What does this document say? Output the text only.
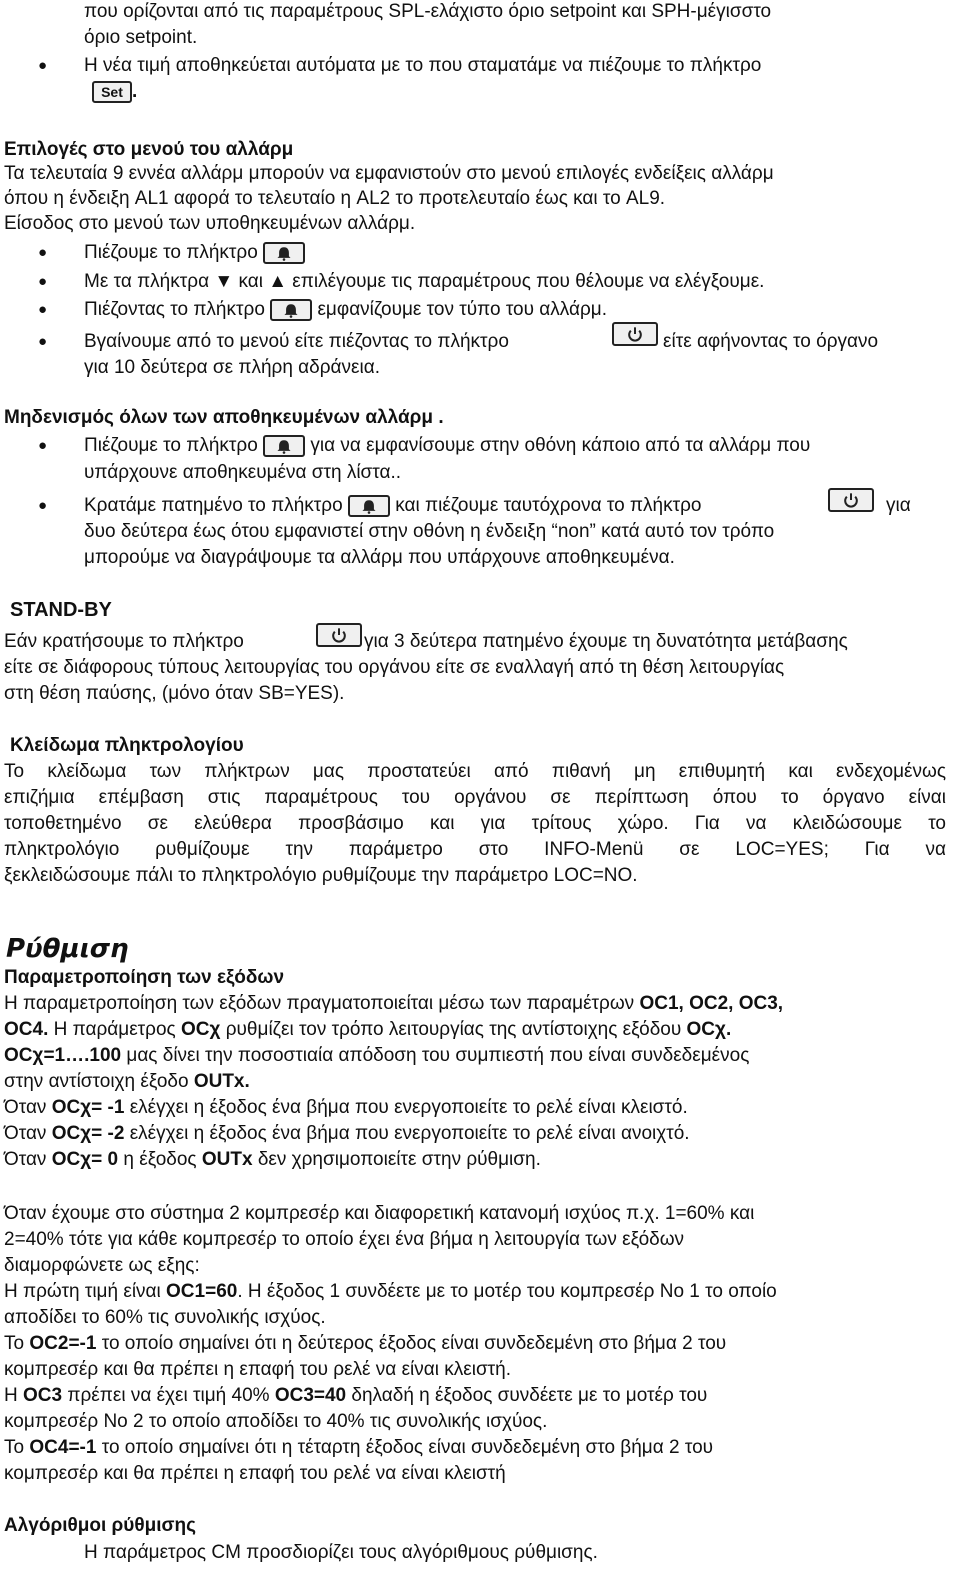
που ορίζονται από τις παραμέτρους SPL-ελάχιστο όριο setpoint και SPH-μέγισστο
όριο setpoint.
● Η νέα τιμή αποθηκεύεται αυτόματα με το που σταματάμε να πιέζουμε το πλήκτρο
Set .
Επιλογές στο μενού του αλλάρμ
Τα τελευταία 9 εννέα αλλάρμ μπορούν να εμφανιστούν στο μενού επιλογές ενδείξεις αλλάρμ
όπου η ένδειξη AL1 αφορά το τελευταίο η AL2 το προτελευταίο έως και το AL9.
Είσοδος στο μενού των υποθηκευμένων αλλάρμ.
● Πιέζουμε το πλήκτρο
● Με τα πλήκτρα ▼ και ▲ επιλέγουμε τις παραμέτρους που θέλουμε να ελέγξουμε.
● Πιέζοντας το πλήκτρο	εμφανίζουμε τον τύπο του αλλάρμ.
● Βγαίνουμε από το μενού είτε πιέζοντας το πλήκτρο	είτε αφήνοντας το όργανο
για 10 δεύτερα σε πλήρη αδράνεια.
Μηδενισμός όλων των αποθηκευμένων αλλάρμ .
● Πιέζουμε το πλήκτρο	για να εμφανίσουμε στην οθόνη κάποιο από τα αλλάρμ που
υπάρχουνε αποθηκευμένα στη λίστα..
● Κρατάμε πατημένο το πλήκτρο	και πιέζουμε ταυτόχρονα το πλήκτρο	για
δυο δεύτερα έως ότου εμφανιστεί στην οθόνη η ένδειξη “non” κατά αυτό τον τρόπο
μπορούμε να διαγράψουμε τα αλλάρμ που υπάρχουνε αποθηκευμένα.
STAND-BY
Εάν κρατήσουμε το πλήκτρο	για 3 δεύτερα πατημένο έχουμε τη δυνατότητα μετάβασης
είτε σε διάφορους τύπους λειτουργίας του οργάνου είτε σε εναλλαγή από τη θέση λειτουργίας
στη θέση παύσης, (μόνο όταν SB=YES).
Κλείδωμα πληκτρολογίου
Το κλείδωμα των πλήκτρων μας προστατεύει από πιθανή μη επιθυμητή και ενδεχομένως
επιζήμια επέμβαση στις παραμέτρους του οργάνου σε περίπτωση όπου το όργανο είναι
τοποθετημένο σε ελεύθερα προσβάσιμο και για τρίτους χώρο. Για να κλειδώσουμε το
πληκτρολόγιο ρυθμίζουμε την παράμετρο στο INFO-Menü σε LOC=YES; Για να
ξεκλειδώσουμε πάλι το πληκτρολόγιο ρυθμίζουμε την παράμετρο LOC=NO.
Ρύθμιση
Παραμετροποίηση των εξόδων
Η παραμετροποίηση των εξόδων πραγματοποιείται μέσω των παραμέτρων OC1, OC2, OC3,
OC4. Η παράμετρος OCχ ρυθμίζει τον τρόπο λειτουργίας της αντίστοιχης εξόδου OCχ.
OCχ=1….100 μας δίνει την ποσοστιαία απόδοση του συμπιεστή που είναι συνδεδεμένος
στην αντίστοιχη έξοδο OUTx.
Όταν OCχ= -1 ελέγχει η έξοδος ένα βήμα που ενεργοποιείτε το ρελέ είναι κλειστό.
Όταν OCχ= -2 ελέγχει η έξοδος ένα βήμα που ενεργοποιείτε το ρελέ είναι ανοιχτό.
Όταν OCχ= 0 η έξοδος OUTx δεν χρησιμοποιείτε στην ρύθμιση.
Όταν έχουμε στο σύστημα 2 κομπρεσέρ και διαφορετική κατανομή ισχύος π.χ. 1=60% και
2=40% τότε για κάθε κομπρεσέρ το οποίο έχει ένα βήμα η λειτουργία των εξόδων
διαμορφώνετε ως εξης:
Η πρώτη τιμή είναι OC1=60. Η έξοδος 1 συνδέετε με το μοτέρ του κομπρεσέρ No 1 το οποίο
αποδίδει το 60% τις συνολικής ισχύος.
Το OC2=-1 το οποίο σημαίνει ότι η δεύτερος έξοδος είναι συνδεδεμένη στο βήμα 2 του
κομπρεσέρ και θα πρέπει η επαφή του ρελέ να είναι κλειστή.
Η OC3 πρέπει να έχει τιμή 40% OC3=40 δηλαδή η έξοδος συνδέετε με το μοτέρ του
κομπρεσέρ No 2 το οποίο αποδίδει το 40% τις συνολικής ισχύος.
Το OC4=-1 το οποίο σημαίνει ότι η τέταρτη έξοδος είναι συνδεδεμένη στο βήμα 2 του
κομπρεσέρ και θα πρέπει η επαφή του ρελέ να είναι κλειστή
Αλγόριθμοι ρύθμισης
Η παράμετρος CM προσδιορίζει τους αλγόριθμους ρύθμισης.
